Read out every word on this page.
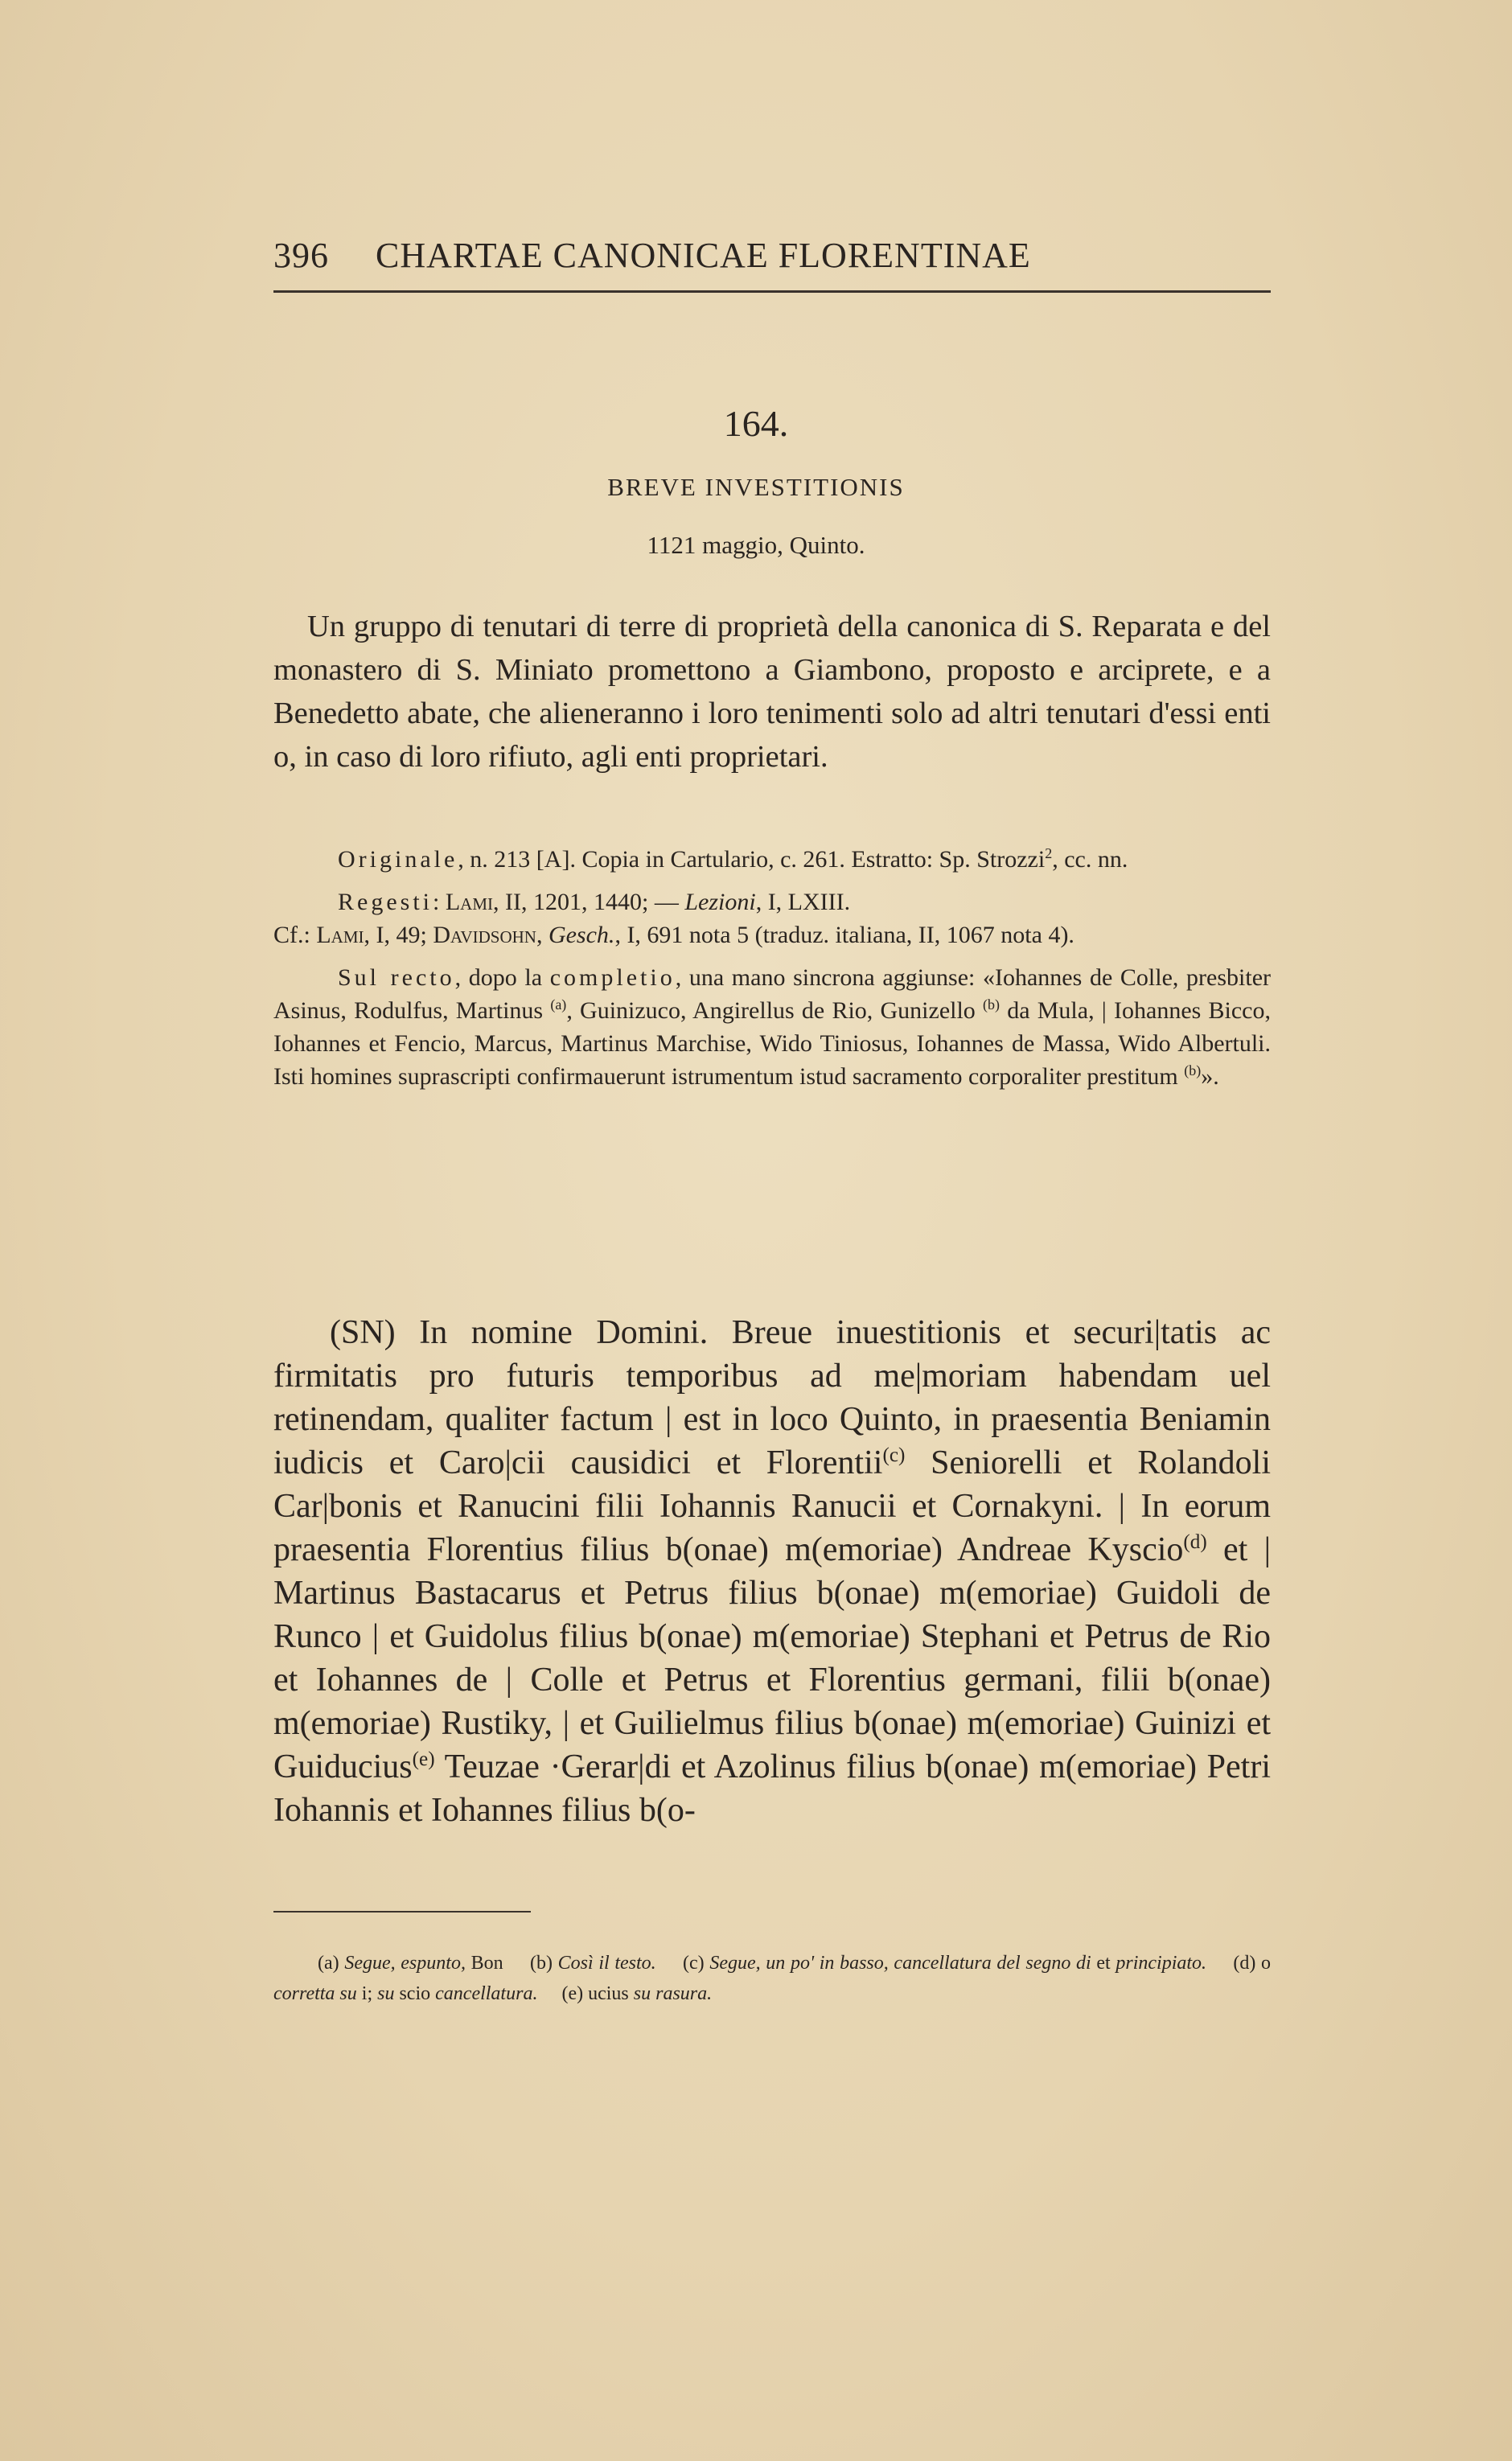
396 CHARTAE CANONICAE FLORENTINAE
164.
BREVE INVESTITIONIS
1121 maggio, Quinto.
Un gruppo di tenutari di terre di proprietà della canonica di S. Reparata e del monastero di S. Miniato promettono a Giambono, proposto e arciprete, e a Benedetto abate, che alieneranno i loro tenimenti solo ad altri tenutari d'essi enti o, in caso di loro rifiuto, agli enti proprietari.

Originale, n. 213 [A]. Copia in Cartulario, c. 261. Estratto: Sp. Strozzi$^2$, cc. nn.

Regesti: Lami, II, 1201, 1440; — Lezioni, I, LXIII.
Cf.: Lami, I, 49; Davidsohn, Gesch., I, 691 nota 5 (traduz. italiana, II, 1067 nota 4).

Sul recto, dopo la completio, una mano sincrona aggiunse: «Iohannes de Colle, presbiter Asinus, Rodulfus, Martinus $^{(a)}$, Guinizuco, Angirellus de Rio, Gunizello $^{(b)}$ da Mula, | Iohannes Bicco, Iohannes et Fencio, Marcus, Martinus Marchise, Wido Tiniosus, Iohannes de Massa, Wido Albertuli. Isti homines suprascripti confirmauerunt istrumentum istud sacramento corporaliter prestitum $^{(b)}$».

(SN) In nomine Domini. Breue inuestitionis et securi|tatis ac firmitatis pro futuris temporibus ad me|moriam habendam uel retinendam, qualiter factum | est in loco Quinto, in praesentia Beniamin iudicis et Caro|cii causidici et Florentii$^{(c)}$ Seniorelli et Rolandoli Car|bonis et Ranucini filii Iohannis Ranucii et Cornakyni. | In eorum praesentia Florentius filius b(onae) m(emoriae) Andreae Kyscio$^{(d)}$ et | Martinus Bastacarus et Petrus filius b(onae) m(emoriae) Guidoli de Runco | et Guidolus filius b(onae) m(emoriae) Stephani et Petrus de Rio et Iohannes de | Colle et Petrus et Florentius germani, filii b(onae) m(emoriae) Rustiky, | et Guilielmus filius b(onae) m(emoriae) Guinizi et Guiducius$^{(e)}$ Teuzae ·Gerar|di et Azolinus filius b(onae) m(emoriae) Petri Iohannis et Iohannes filius b(o-
(a) Segue, espunto, Bon (b) Così il testo. (c) Segue, un po' in basso, cancellatura del segno di et principiato. (d) o corretta su i; su scio cancellatura. (e) ucius su rasura.
